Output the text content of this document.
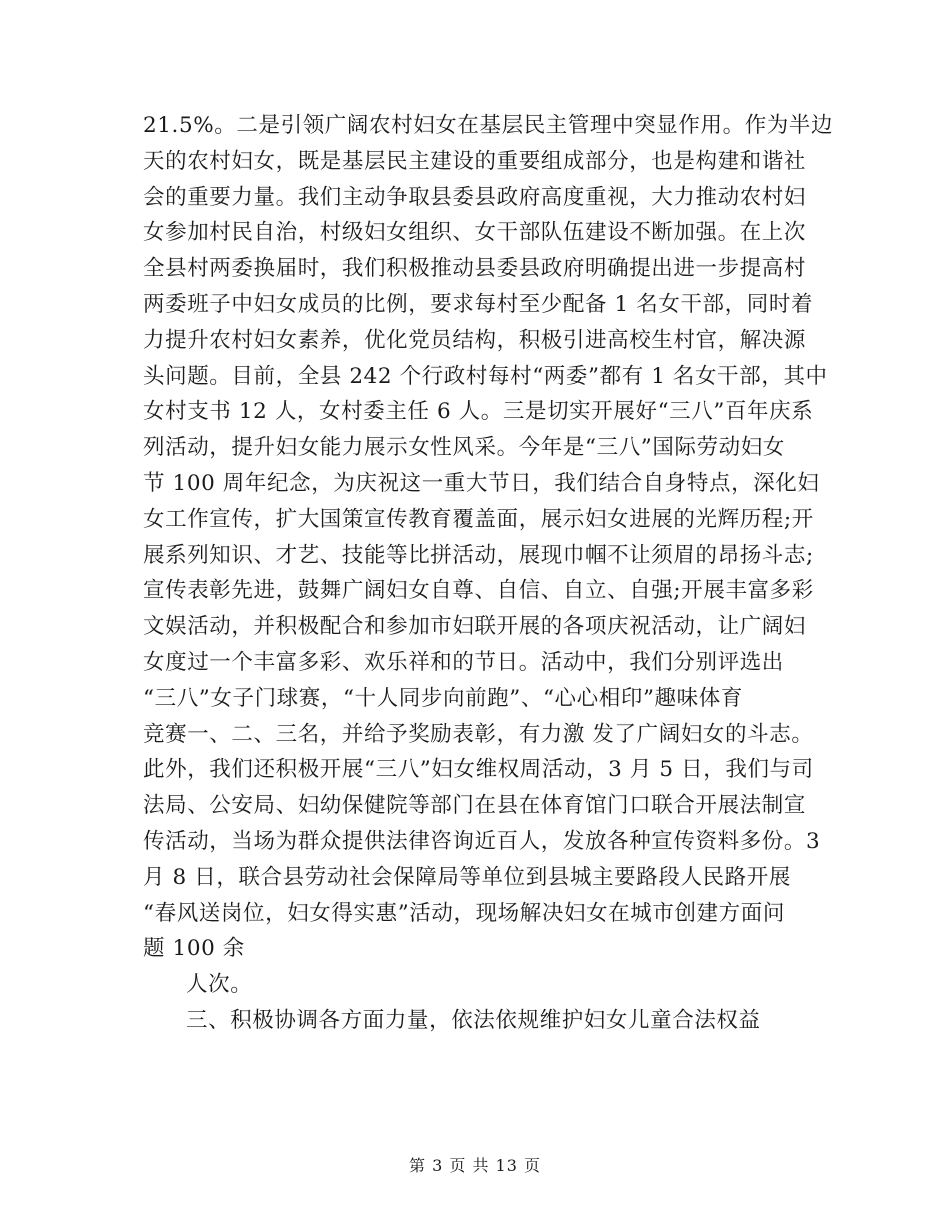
21.5%。二是引领广阔农村妇女在基层民主管理中突显作用。作为半边
天的农村妇女，既是基层民主建设的重要组成部分，也是构建和谐社
会的重要力量。我们主动争取县委县政府高度重视，大力推动农村妇
女参加村民自治，村级妇女组织、女干部队伍建设不断加强。在上次
全县村两委换届时，我们积极推动县委县政府明确提出进一步提高村
两委班子中妇女成员的比例，要求每村至少配备 1 名女干部，同时着
力提升农村妇女素养，优化党员结构，积极引进高校生村官，解决源
头问题。目前，全县 242 个行政村每村“两委”都有 1 名女干部，其中
女村支书 12 人，女村委主任 6 人。三是切实开展好“三八”百年庆系
列活动，提升妇女能力展示女性风采。今年是“三八”国际劳动妇女
节 100 周年纪念，为庆祝这一重大节日，我们结合自身特点，深化妇
女工作宣传，扩大国策宣传教育覆盖面，展示妇女进展的光辉历程;开
展系列知识、才艺、技能等比拼活动，展现巾帼不让须眉的昂扬斗志;
宣传表彰先进，鼓舞广阔妇女自尊、自信、自立、自强;开展丰富多彩
文娱活动，并积极配合和参加市妇联开展的各项庆祝活动，让广阔妇
女度过一个丰富多彩、欢乐祥和的节日。活动中，我们分别评选出
“三八”女子门球赛，“十人同步向前跑”、“心心相印”趣味体育
竞赛一、二、三名，并给予奖励表彰，有力激 发了广阔妇女的斗志。
此外，我们还积极开展“三八”妇女维权周活动，3 月 5 日，我们与司
法局、公安局、妇幼保健院等部门在县在体育馆门口联合开展法制宣
传活动，当场为群众提供法律咨询近百人，发放各种宣传资料多份。3
月 8 日，联合县劳动社会保障局等单位到县城主要路段人民路开展
“春风送岗位，妇女得实惠”活动，现场解决妇女在城市创建方面问
题 100 余
人次。
三、积极协调各方面力量，依法依规维护妇女儿童合法权益
第 3 页 共 13 页
